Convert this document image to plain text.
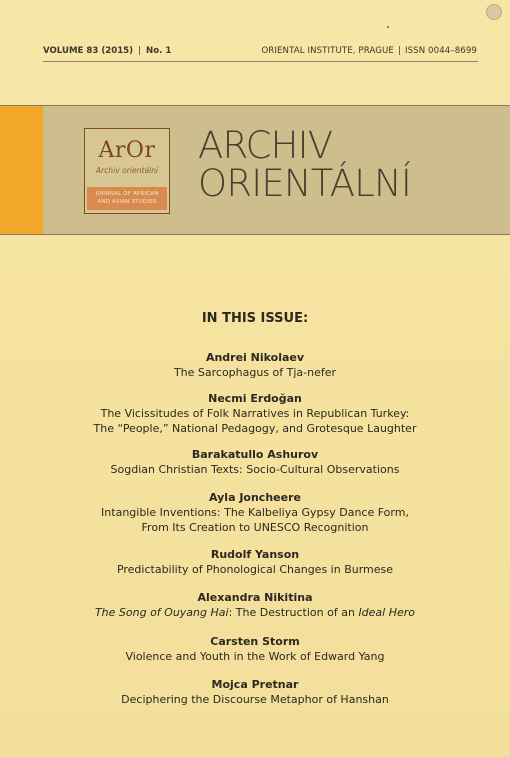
VOLUME 83 (2015) | No. 1	ORIENTAL INSTITUTE, PRAGUE | ISSN 0044–8699
ArOr
Archiv orientální
JOURNAL OF AFRICAN
AND ASIAN STUDIES
ARCHIV
ORIENTÁLNÍ
IN THIS ISSUE:
Andrei Nikolaev
The Sarcophagus of Tja-nefer
Necmi Erdoğan
The Vicissitudes of Folk Narratives in Republican Turkey:
The “People,” National Pedagogy, and Grotesque Laughter
Barakatullo Ashurov
Sogdian Christian Texts: Socio-Cultural Observations
Ayla Joncheere
Intangible Inventions: The Kalbeliya Gypsy Dance Form,
From Its Creation to UNESCO Recognition
Rudolf Yanson
Predictability of Phonological Changes in Burmese
Alexandra Nikitina
The Song of Ouyang Hai: The Destruction of an Ideal Hero
Carsten Storm
Violence and Youth in the Work of Edward Yang
Mojca Pretnar
Deciphering the Discourse Metaphor of Hanshan
